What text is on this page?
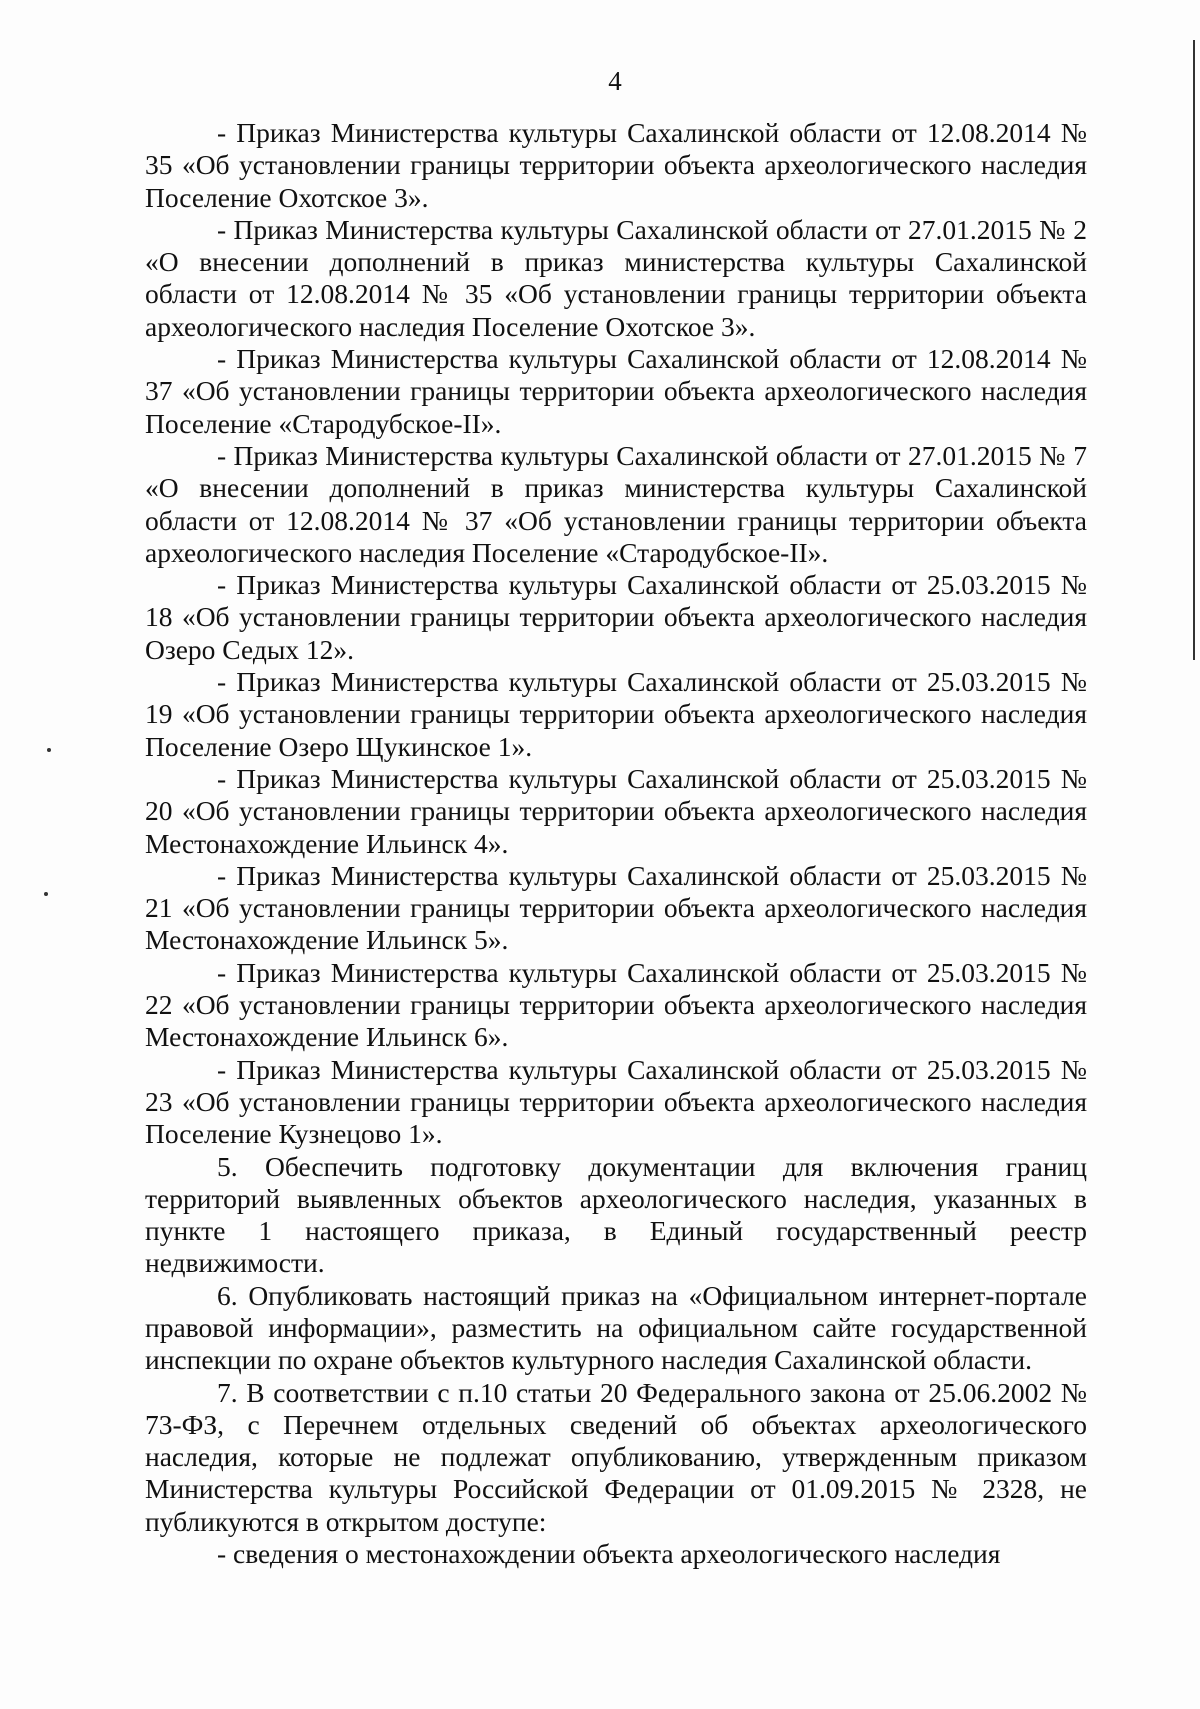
4

- Приказ Министерства культуры Сахалинской области от 12.08.2014 № 35 «Об установлении границы территории объекта археологического наследия Поселение Охотское 3».

- Приказ Министерства культуры Сахалинской области от 27.01.2015 № 2 «О внесении дополнений в приказ министерства культуры Сахалинской области от 12.08.2014 № 35 «Об установлении границы территории объекта археологического наследия Поселение Охотское 3».

- Приказ Министерства культуры Сахалинской области от 12.08.2014 № 37 «Об установлении границы территории объекта археологического наследия Поселение «Стародубское-II».

- Приказ Министерства культуры Сахалинской области от 27.01.2015 № 7 «О внесении дополнений в приказ министерства культуры Сахалинской области от 12.08.2014 № 37 «Об установлении границы территории объекта археологического наследия Поселение «Стародубское-II».

- Приказ Министерства культуры Сахалинской области от 25.03.2015 № 18 «Об установлении границы территории объекта археологического наследия Озеро Седых 12».

- Приказ Министерства культуры Сахалинской области от 25.03.2015 № 19 «Об установлении границы территории объекта археологического наследия Поселение Озеро Щукинское 1».

- Приказ Министерства культуры Сахалинской области от 25.03.2015 № 20 «Об установлении границы территории объекта археологического наследия Местонахождение Ильинск 4».

- Приказ Министерства культуры Сахалинской области от 25.03.2015 № 21 «Об установлении границы территории объекта археологического наследия Местонахождение Ильинск 5».

- Приказ Министерства культуры Сахалинской области от 25.03.2015 № 22 «Об установлении границы территории объекта археологического наследия Местонахождение Ильинск 6».

- Приказ Министерства культуры Сахалинской области от 25.03.2015 № 23 «Об установлении границы территории объекта археологического наследия Поселение Кузнецово 1».

5. Обеспечить подготовку документации для включения границ территорий выявленных объектов археологического наследия, указанных в пункте 1 настоящего приказа, в Единый государственный реестр недвижимости.

6. Опубликовать настоящий приказ на «Официальном интернет-портале правовой информации», разместить на официальном сайте государственной инспекции по охране объектов культурного наследия Сахалинской области.

7. В соответствии с п.10 статьи 20 Федерального закона от 25.06.2002 № 73-ФЗ, с Перечнем отдельных сведений об объектах археологического наследия, которые не подлежат опубликованию, утвержденным приказом Министерства культуры Российской Федерации от 01.09.2015 № 2328, не публикуются в открытом доступе:

- сведения о местонахождении объекта археологического наследия
